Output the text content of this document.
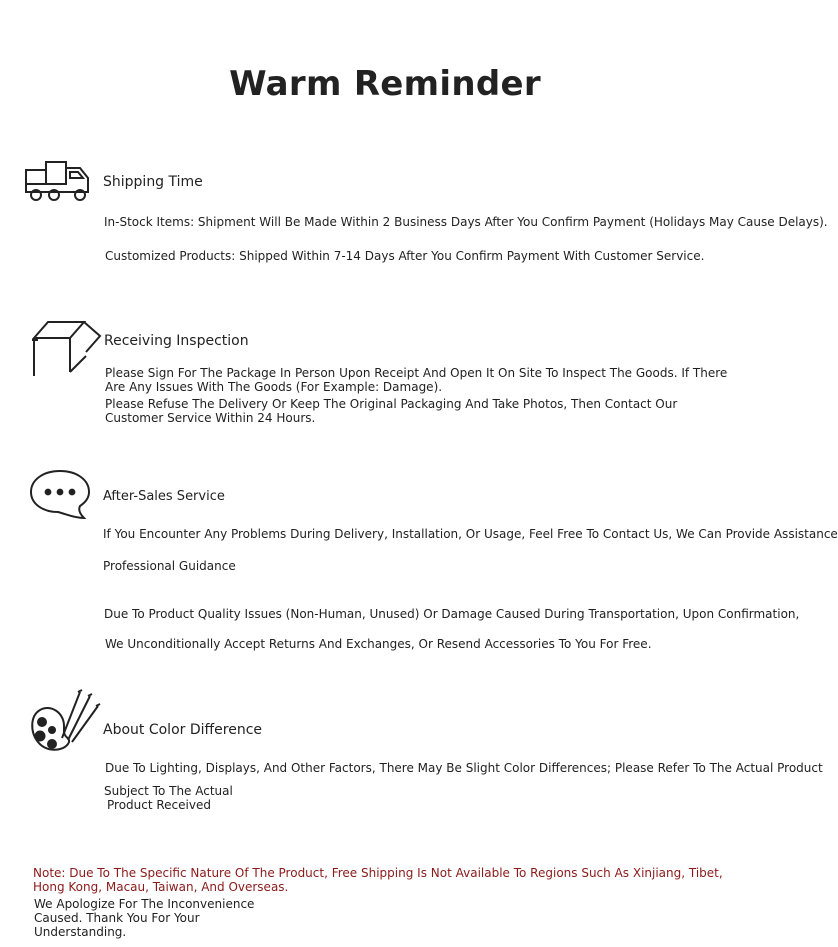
Warm Reminder
Shipping Time
In-Stock Items: Shipment Will Be Made Within 2 Business Days After You Confirm Payment (Holidays May Cause Delays).
Customized Products: Shipped Within 7-14 Days After You Confirm Payment With Customer Service.
Receiving Inspection
Please Sign For The Package In Person Upon Receipt And Open It On Site To Inspect The Goods. If There Are Any Issues With The Goods (For Example: Damage).
Please Refuse The Delivery Or Keep The Original Packaging And Take Photos, Then Contact Our Customer Service Within 24 Hours.
After-Sales Service
If You Encounter Any Problems During Delivery, Installation, Or Usage, Feel Free To Contact Us, We Can Provide Assistance
Professional Guidance
Due To Product Quality Issues (Non-Human, Unused) Or Damage Caused During Transportation, Upon Confirmation,
We Unconditionally Accept Returns And Exchanges, Or Resend Accessories To You For Free.
About Color Difference
Due To Lighting, Displays, And Other Factors, There May Be Slight Color Differences; Please Refer To The Actual Product
Subject To The Actual
Product Received
Note: Due To The Specific Nature Of The Product, Free Shipping Is Not Available To Regions Such As Xinjiang, Tibet, Hong Kong, Macau, Taiwan, And Overseas.
We Apologize For The Inconvenience Caused. Thank You For Your Understanding.
